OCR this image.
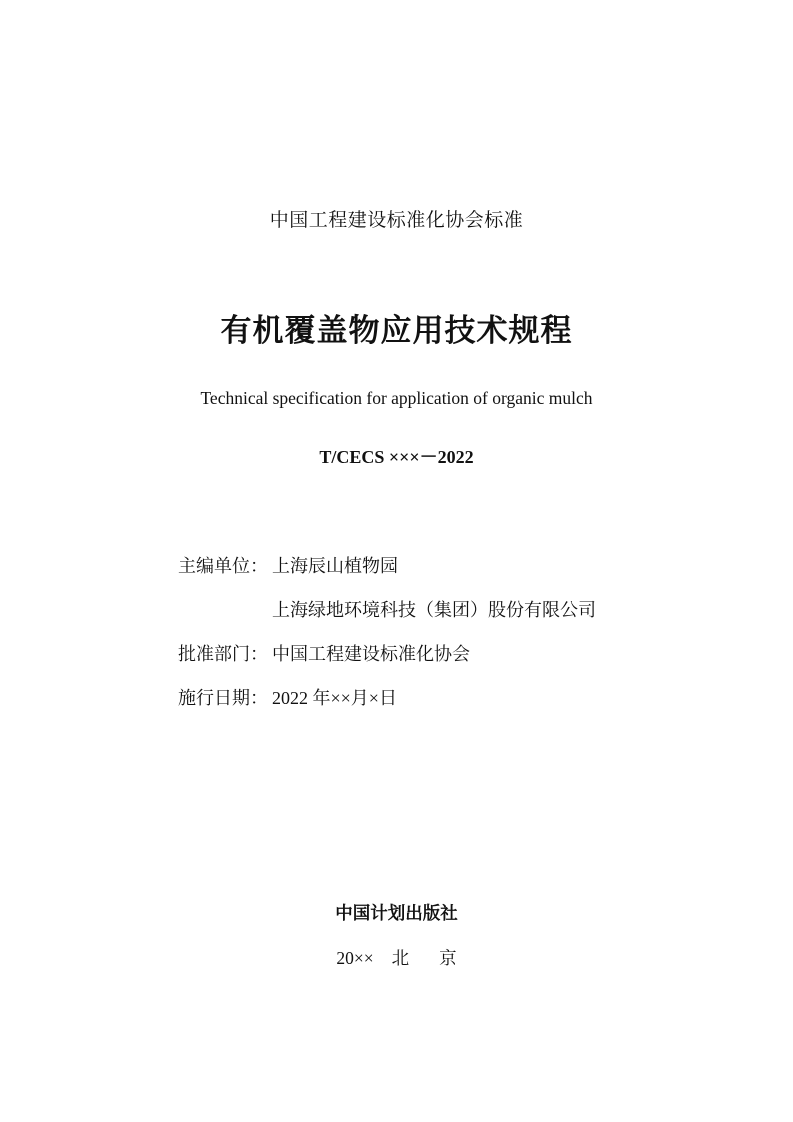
中国工程建设标准化协会标准
有机覆盖物应用技术规程
Technical specification for application of organic mulch
T/CECS ×××－2022
主编单位： 上海辰山植物园
上海绿地环境科技（集团）股份有限公司
批准部门： 中国工程建设标准化协会
施行日期： 2022 年××月×日
中国计划出版社
20×× 北 京
